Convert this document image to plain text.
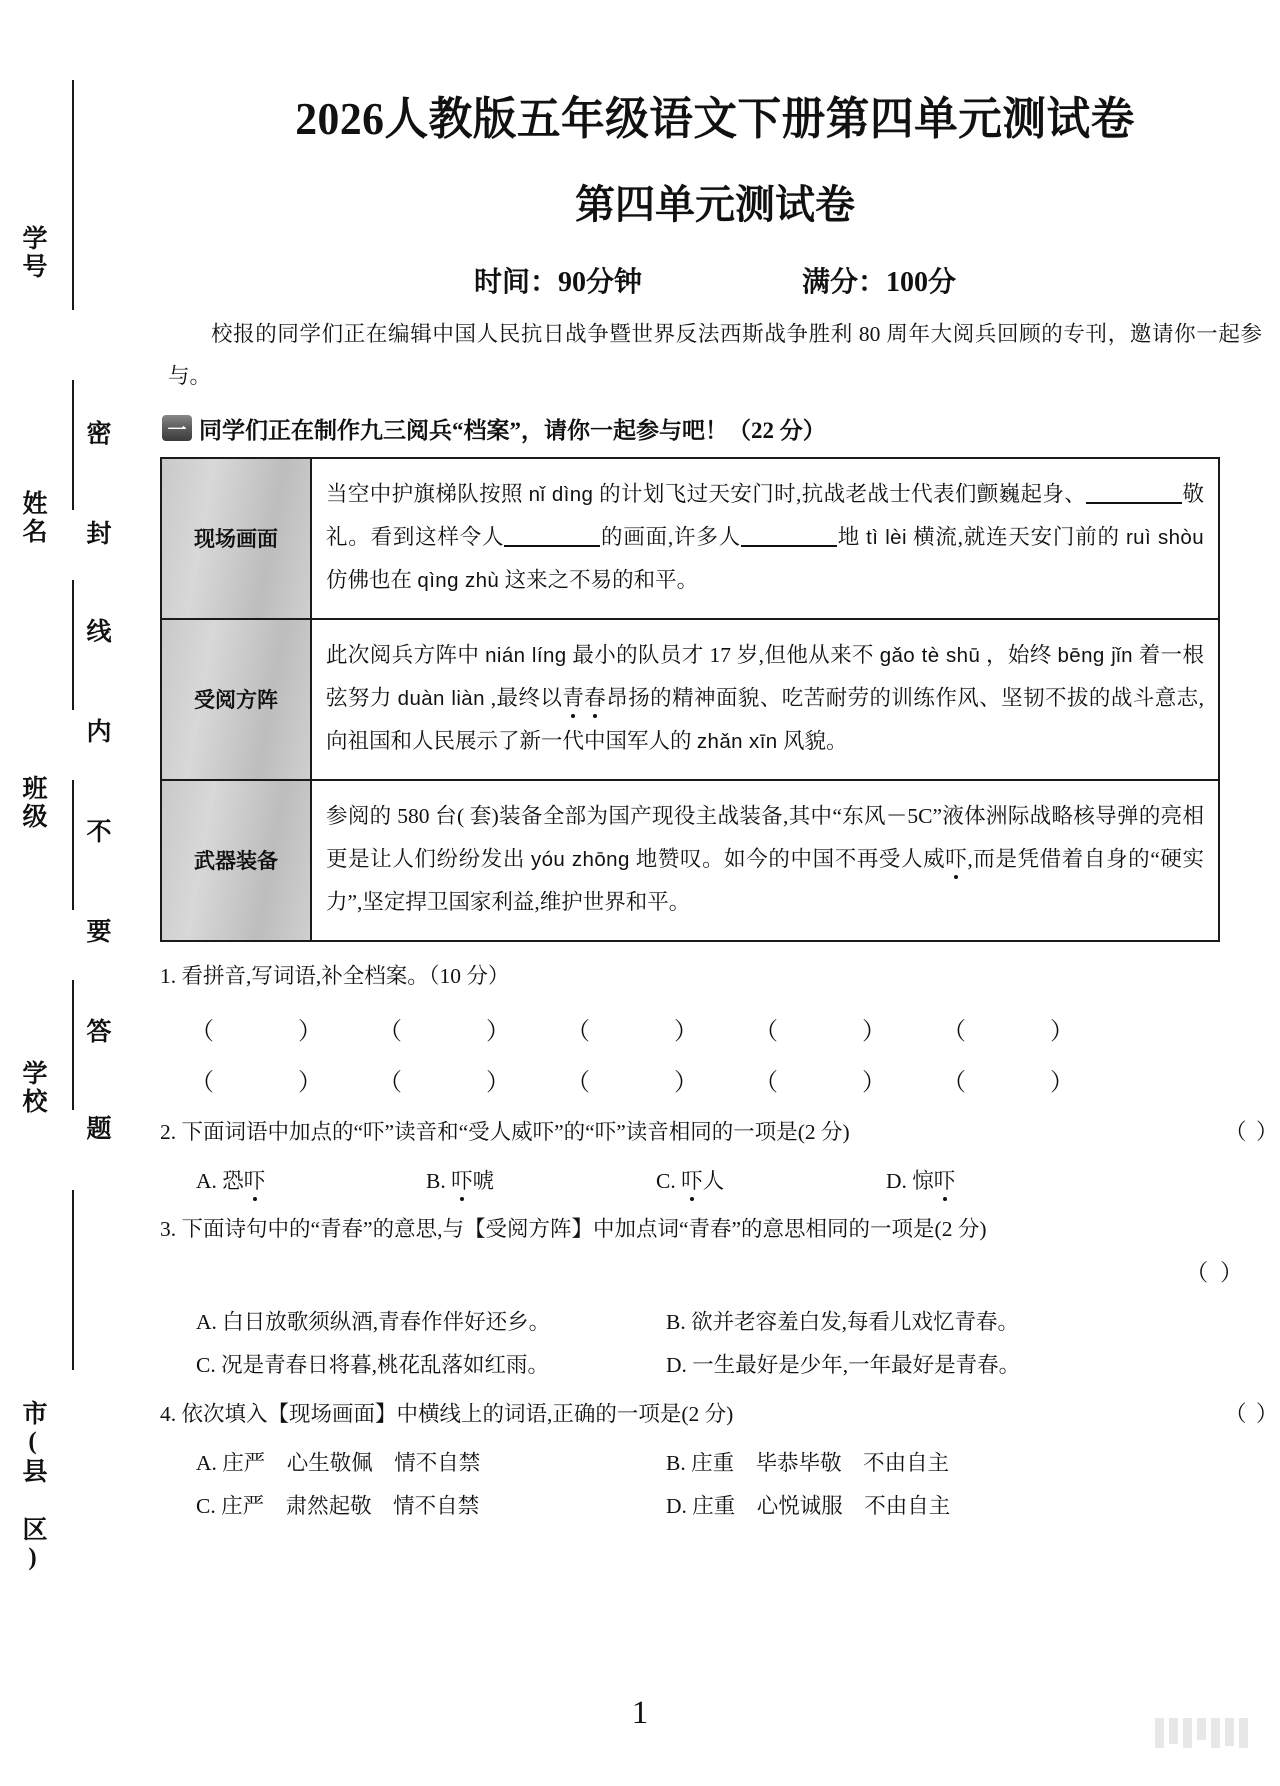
学号
姓名
班级
学校
市(县 区)
密
封
线
内
不
要
答
题
2026人教版五年级语文下册第四单元测试卷
第四单元测试卷
时间：90分钟	满分：100分
校报的同学们正在编辑中国人民抗日战争暨世界反法西斯战争胜利 80 周年大阅兵回顾的专刊，邀请你一起参与。
一 同学们正在制作九三阅兵“档案”，请你一起参与吧！（22 分）
现场画面	当空中护旗梯队按照 nǐ dìng 的计划飞过天安门时,抗战老战士代表们颤巍起身、 敬礼。看到这样令人 的画面,许多人 地 tì lèi 横流,就连天安门前的 ruì shòu 仿佛也在 qìng zhù 这来之不易的和平。
受阅方阵	此次阅兵方阵中 nián líng 最小的队员才 17 岁,但他从来不 gǎo tè shū ，始终 bēng jǐn 着一根弦努力 duàn liàn ,最终以青春昂扬的精神面貌、吃苦耐劳的训练作风、坚韧不拔的战斗意志,向祖国和人民展示了新一代中国军人的 zhǎn xīn 风貌。
武器装备	参阅的 580 台( 套)装备全部为国产现役主战装备,其中“东风－5C”液体洲际战略核导弹的亮相更是让人们纷纷发出 yóu zhōng 地赞叹。如今的中国不再受人威吓,而是凭借着自身的“硬实力”,坚定捍卫国家利益,维护世界和平。
1. 看拼音,写词语,补全档案。（10 分）
（	）	（	）	（	）	（	）	（	）
（	）	（	）	（	）	（	）	（	）
2. 下面词语中加点的“吓”读音和“受人威吓”的“吓”读音相同的一项是(2 分)	（ ）
A. 恐吓	B. 吓唬	C. 吓人	D. 惊吓
3. 下面诗句中的“青春”的意思,与【受阅方阵】中加点词“青春”的意思相同的一项是(2 分)
（ ）
A. 白日放歌须纵酒,青春作伴好还乡。	B. 欲并老容羞白发,每看儿戏忆青春。
C. 况是青春日将暮,桃花乱落如红雨。	D. 一生最好是少年,一年最好是青春。
4. 依次填入【现场画面】中横线上的词语,正确的一项是(2 分)	（ ）
A. 庄严　心生敬佩　情不自禁	B. 庄重　毕恭毕敬　不由自主
C. 庄严　肃然起敬　情不自禁	D. 庄重　心悦诚服　不由自主
1
